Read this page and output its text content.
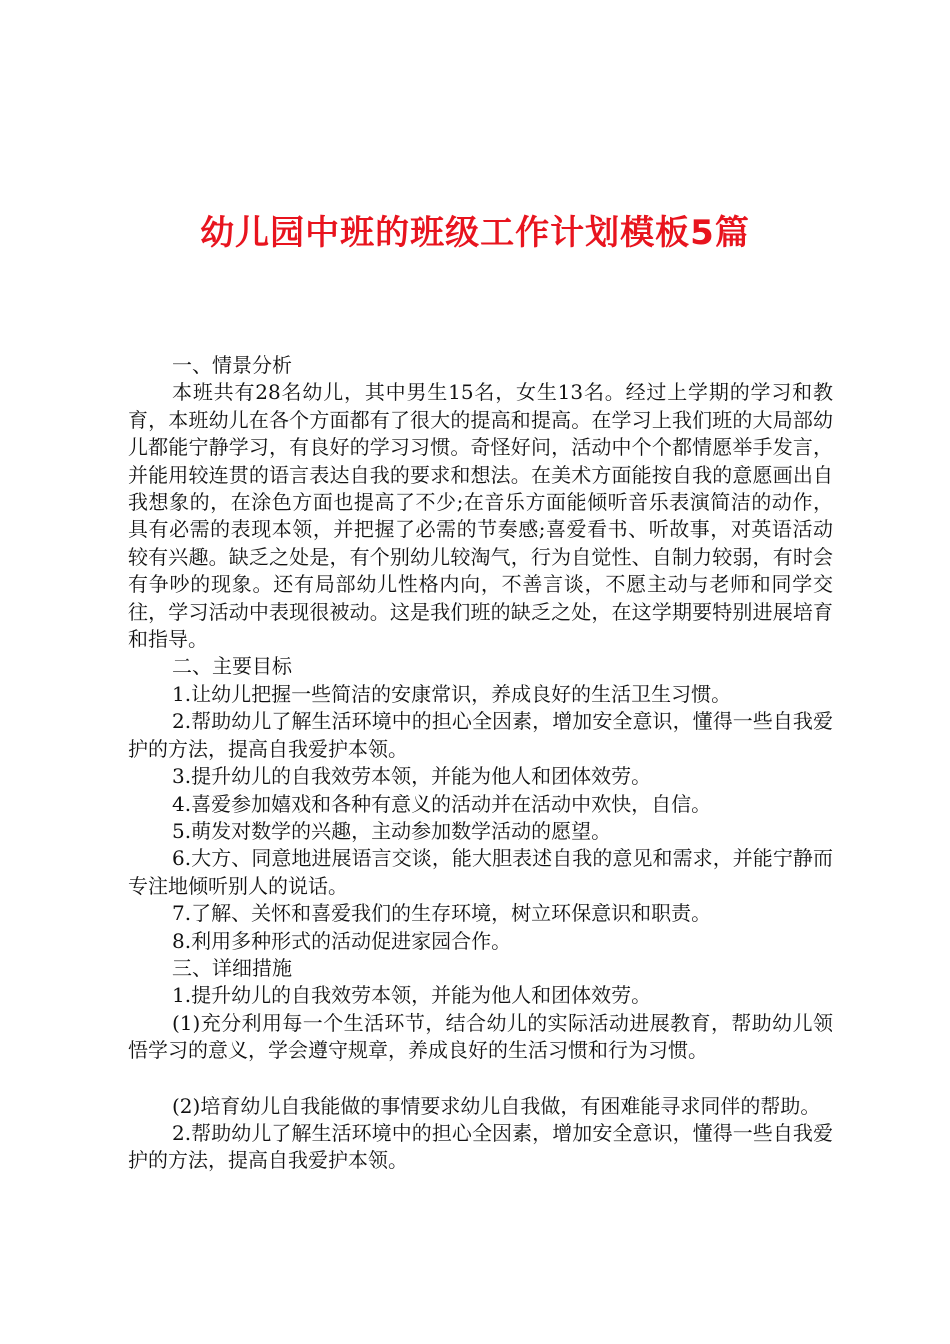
幼儿园中班的班级工作计划模板5篇

一、情景分析

本班共有28名幼儿，其中男生15名，女生13名。经过上学期的学习和教育，本班幼儿在各个方面都有了很大的提高和提高。在学习上我们班的大局部幼儿都能宁静学习，有良好的学习习惯。奇怪好问，活动中个个都情愿举手发言，并能用较连贯的语言表达自我的要求和想法。在美术方面能按自我的意愿画出自我想象的，在涂色方面也提高了不少;在音乐方面能倾听音乐表演简洁的动作，具有必需的表现本领，并把握了必需的节奏感;喜爱看书、听故事，对英语活动较有兴趣。缺乏之处是，有个别幼儿较淘气，行为自觉性、自制力较弱，有时会有争吵的现象。还有局部幼儿性格内向，不善言谈，不愿主动与老师和同学交往，学习活动中表现很被动。这是我们班的缺乏之处，在这学期要特别进展培育和指导。

二、主要目标

1.让幼儿把握一些简洁的安康常识，养成良好的生活卫生习惯。

2.帮助幼儿了解生活环境中的担心全因素，增加安全意识，懂得一些自我爱护的方法，提高自我爱护本领。

3.提升幼儿的自我效劳本领，并能为他人和团体效劳。

4.喜爱参加嬉戏和各种有意义的活动并在活动中欢快，自信。

5.萌发对数学的兴趣，主动参加数学活动的愿望。

6.大方、同意地进展语言交谈，能大胆表述自我的意见和需求，并能宁静而专注地倾听别人的说话。

7.了解、关怀和喜爱我们的生存环境，树立环保意识和职责。

8.利用多种形式的活动促进家园合作。

三、详细措施

1.提升幼儿的自我效劳本领，并能为他人和团体效劳。

(1)充分利用每一个生活环节，结合幼儿的实际活动进展教育，帮助幼儿领悟学习的意义，学会遵守规章，养成良好的生活习惯和行为习惯。

(2)培育幼儿自我能做的事情要求幼儿自我做，有困难能寻求同伴的帮助。

2.帮助幼儿了解生活环境中的担心全因素，增加安全意识，懂得一些自我爱护的方法，提高自我爱护本领。
